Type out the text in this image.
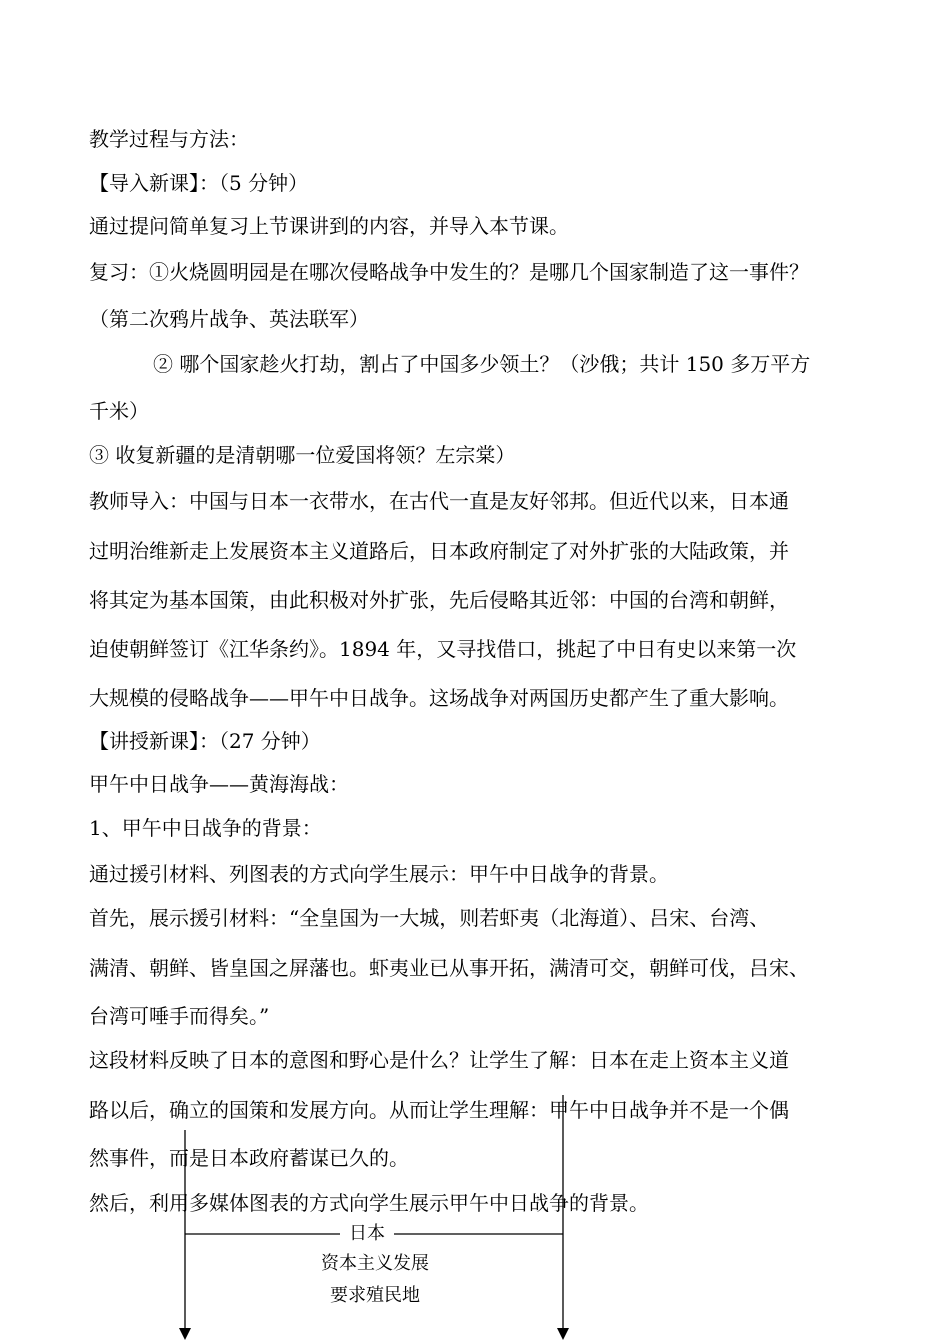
教学过程与方法：
【导入新课】：（5 分钟）
通过提问简单复习上节课讲到的内容，并导入本节课。
复习：①火烧圆明园是在哪次侵略战争中发生的？是哪几个国家制造了这一事件？
（第二次鸦片战争、英法联军）
② 哪个国家趁火打劫，割占了中国多少领土？（沙俄；共计 150 多万平方
千米）
③ 收复新疆的是清朝哪一位爱国将领？左宗棠）
教师导入：中国与日本一衣带水，在古代一直是友好邻邦。但近代以来，日本通
过明治维新走上发展资本主义道路后，日本政府制定了对外扩张的大陆政策，并
将其定为基本国策，由此积极对外扩张，先后侵略其近邻：中国的台湾和朝鲜，
迫使朝鲜签订《江华条约》。1894 年，又寻找借口，挑起了中日有史以来第一次
大规模的侵略战争——甲午中日战争。这场战争对两国历史都产生了重大影响。
【讲授新课】：（27 分钟）
甲午中日战争——黄海海战：
1、甲午中日战争的背景：
通过援引材料、列图表的方式向学生展示：甲午中日战争的背景。
首先，展示援引材料：“全皇国为一大城，则若虾夷（北海道）、吕宋、台湾、
满清、朝鲜、皆皇国之屏藩也。虾夷业已从事开拓，满清可交，朝鲜可伐，吕宋、
台湾可唾手而得矣。”
这段材料反映了日本的意图和野心是什么？让学生了解：日本在走上资本主义道
路以后，确立的国策和发展方向。从而让学生理解：甲午中日战争并不是一个偶
然事件，而是日本政府蓄谋已久的。
然后，利用多媒体图表的方式向学生展示甲午中日战争的背景。
日本
资本主义发展
要求殖民地
